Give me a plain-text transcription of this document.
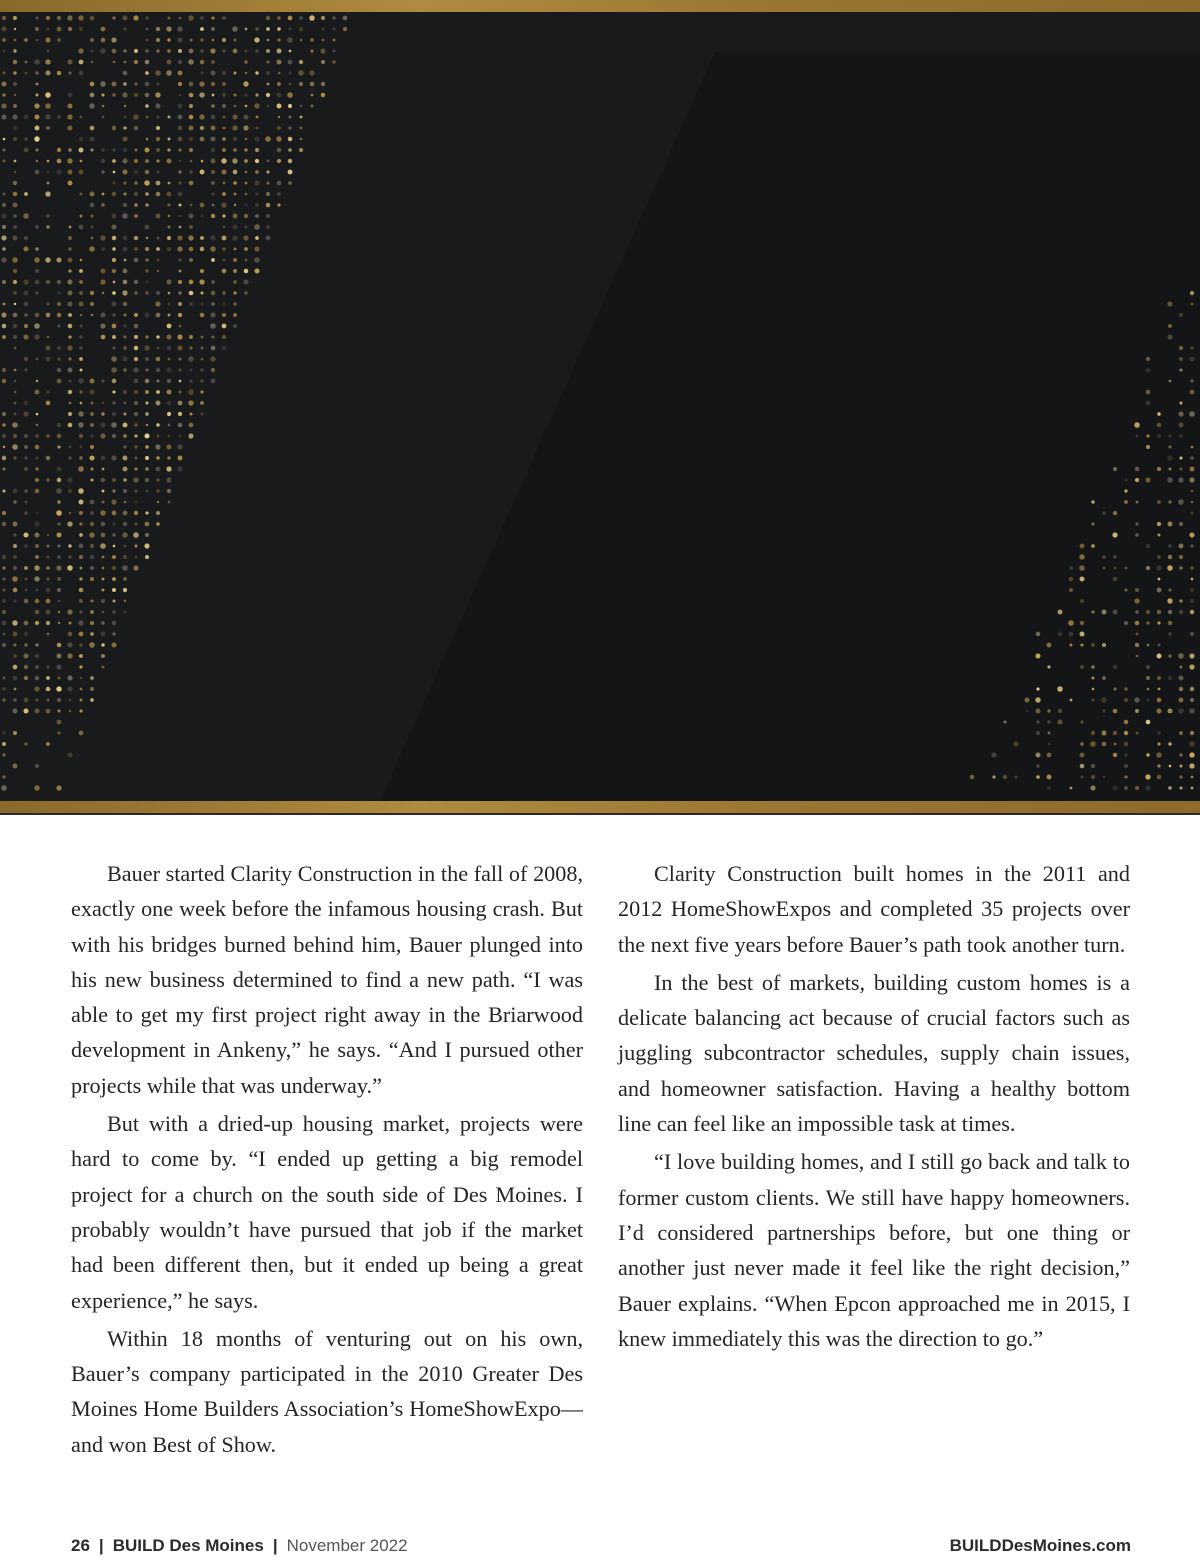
Bauer started Clarity Construction in the fall of 2008, exactly one week before the infamous housing crash. But with his bridges burned behind him, Bauer plunged into his new business determined to find a new path. “I was able to get my first project right away in the Briarwood development in Ankeny,” he says. “And I pursued other projects while that was underway.”

But with a dried-up housing market, projects were hard to come by. “I ended up getting a big remodel project for a church on the south side of Des Moines. I probably wouldn’t have pursued that job if the market had been different then, but it ended up being a great experience,” he says.

Within 18 months of venturing out on his own, Bauer’s company participated in the 2010 Greater Des Moines Home Builders Association’s HomeShowExpo—and won Best of Show.

Clarity Construction built homes in the 2011 and 2012 HomeShowExpos and completed 35 projects over the next five years before Bauer’s path took another turn.

In the best of markets, building custom homes is a delicate balancing act because of crucial factors such as juggling subcontractor schedules, supply chain issues, and homeowner satisfaction. Having a healthy bottom line can feel like an impossible task at times.

“I love building homes, and I still go back and talk to former custom clients. We still have happy homeowners. I’d considered partnerships before, but one thing or another just never made it feel like the right decision,” Bauer explains. “When Epcon approached me in 2015, I knew immediately this was the direction to go.”

26 | BUILD Des Moines | November 2022	BUILDDesMoines.com
